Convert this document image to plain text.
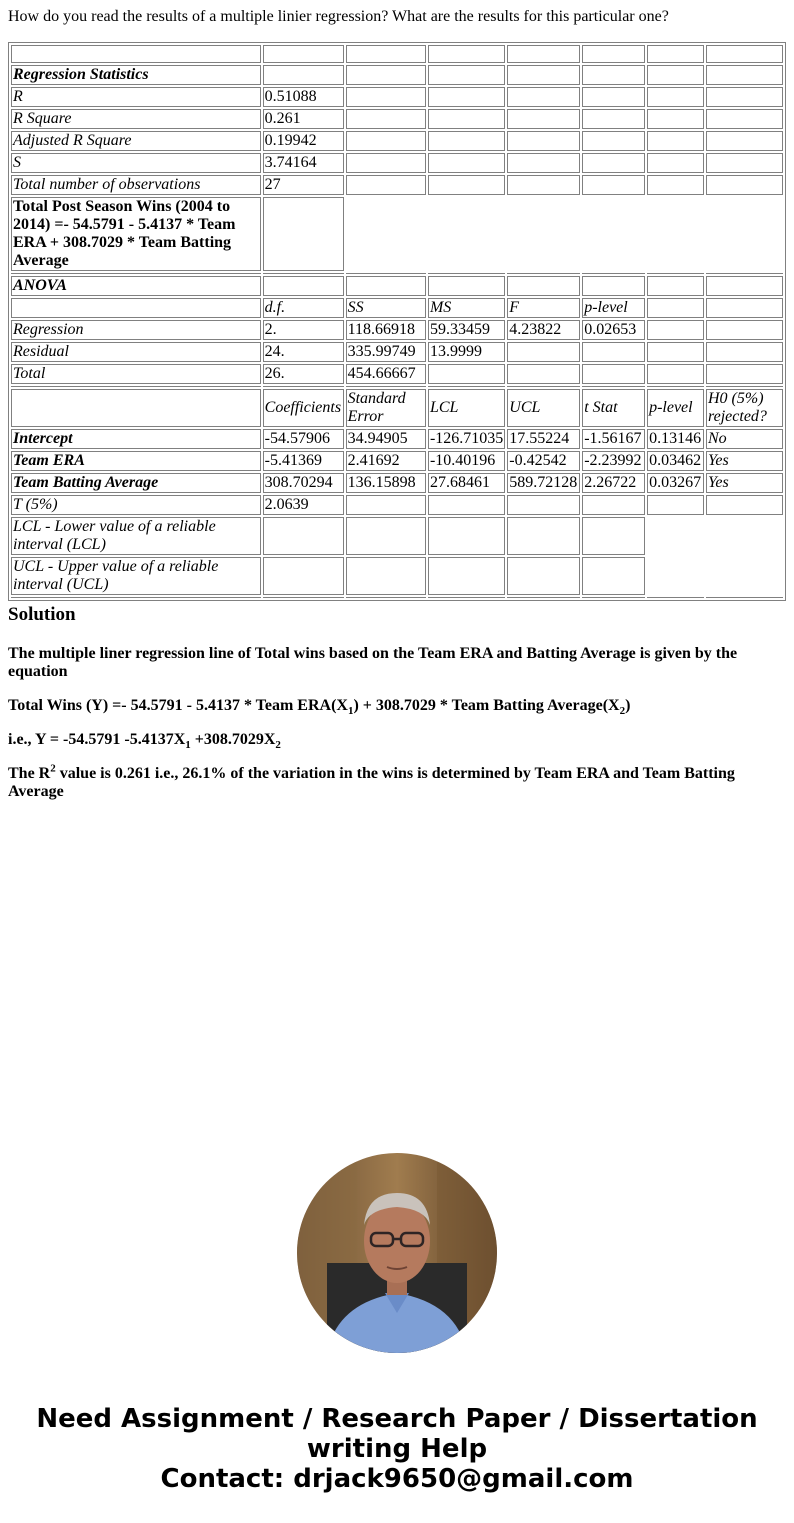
How do you read the results of a multiple linier regression? What are the results for this particular one?

Regression Statistics							
R	0.51088						
R Square	0.261						
Adjusted R Square	0.19942						
S	3.74164						
Total number of observations	27						
Total Post Season Wins (2004 to 2014) =- 54.5791 - 5.4137 * Team ERA + 308.7029 * Team Batting Average							

ANOVA							
	d.f.	SS	MS	F	p-level		
Regression	2.	118.66918	59.33459	4.23822	0.02653		
Residual	24.	335.99749	13.9999				
Total	26.	454.66667					

	Coefficients	Standard Error	LCL	UCL	t Stat	p-level	H0 (5%) rejected?
Intercept	-54.57906	34.94905	-126.71035	17.55224	-1.56167	0.13146	No
Team ERA	-5.41369	2.41692	-10.40196	-0.42542	-2.23992	0.03462	Yes
Team Batting Average	308.70294	136.15898	27.68461	589.72128	2.26722	0.03267	Yes
T (5%)	2.0639						
LCL - Lower value of a reliable interval (LCL)							
UCL - Upper value of a reliable interval (UCL)							

Solution

The multiple liner regression line of Total wins based on the Team ERA and Batting Average is given by the equation

Total Wins (Y) =- 54.5791 - 5.4137 * Team $ERA(X_1) + 308.7029$ * Team Batting $Average(X_2)$

i.e., Y = -54.5791 $-5.4137X_1 +308.7029X_2$

The $R^2$ value is 0.261 i.e., 26.1% of the variation in the wins is determined by Team ERA and Team Batting Average

Need Assignment / Research Paper / Dissertation writing Help
Contact: drjack9650@gmail.com
